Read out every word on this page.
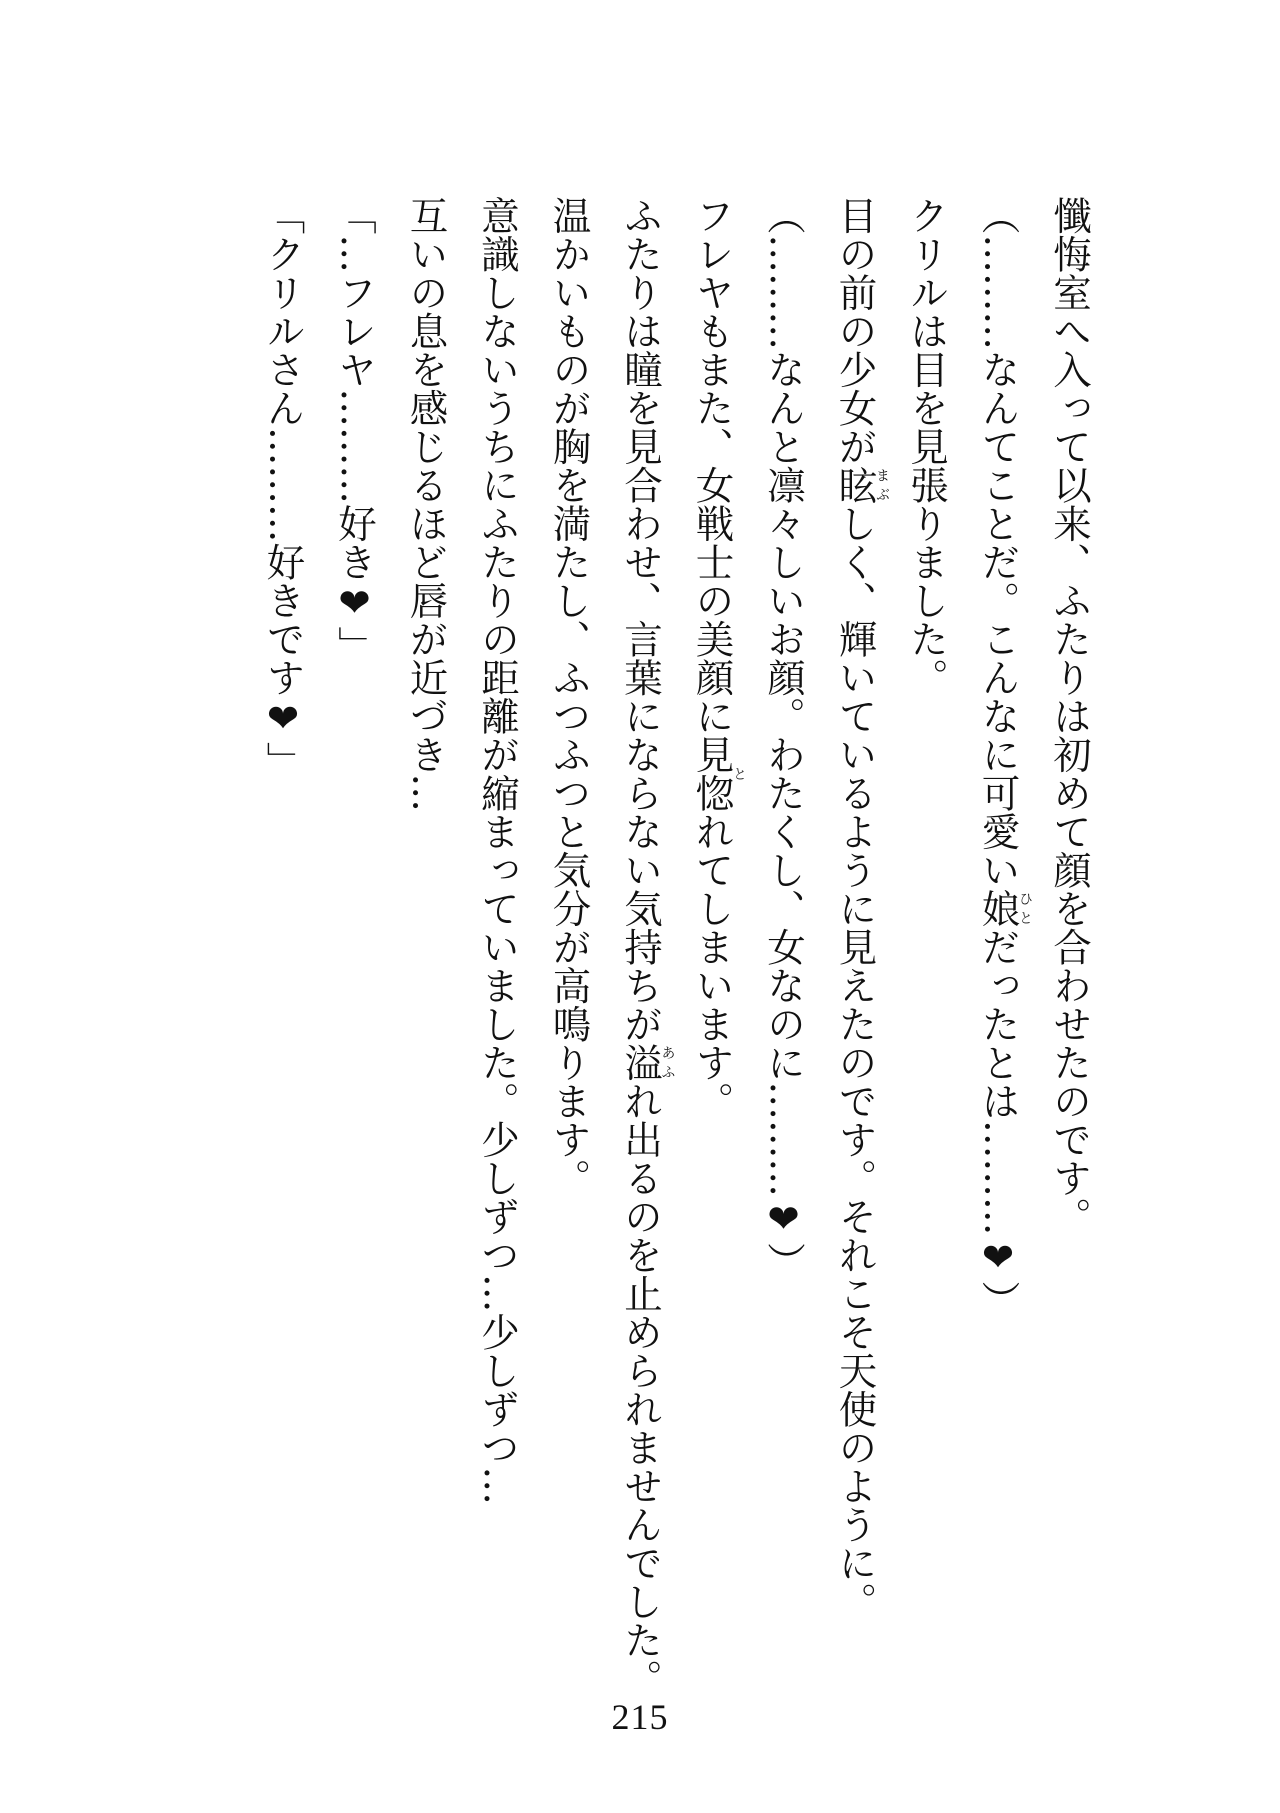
懺悔室へ入って以来、ふたりは初めて顔を合わせたのです。

（………なんてことだ。こんなに可愛い娘ひとだったとは………❤）

クリルは目を見張りました。

目の前の少女が眩まぶしく、輝いているように見えたのです。それこそ天使のように。

（………なんと凛々しいお顔。わたくし、女なのに………❤）

フレヤもまた、女戦士の美顔に見惚とれてしまいます。

ふたりは瞳を見合わせ、言葉にならない気持ちが溢あふれ出るのを止められませんでした。

温かいものが胸を満たし、ふつふつと気分が高鳴ります。

意識しないうちにふたりの距離が縮まっていました。少しずつ…少しずつ…

互いの息を感じるほど唇が近づき…

「…フレヤ………好き❤」

「クリルさん………好きです❤」

215
